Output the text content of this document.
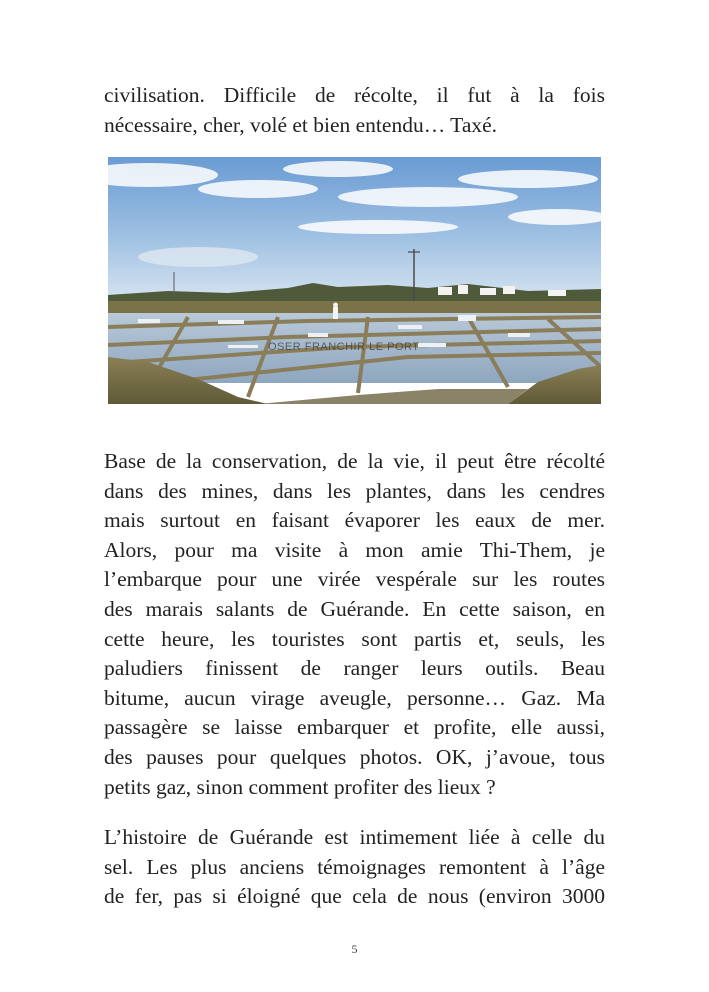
civilisation. Difficile de récolte, il fut à la fois
nécessaire, cher, volé et bien entendu… Taxé.

OSER FRANCHIR LE PORT

Base de la conservation, de la vie, il peut être récolté
dans des mines, dans les plantes, dans les cendres
mais surtout en faisant évaporer les eaux de mer.
Alors, pour ma visite à mon amie Thi-Them, je
l’embarque pour une virée vespérale sur les routes
des marais salants de Guérande. En cette saison, en
cette heure, les touristes sont partis et, seuls, les
paludiers finissent de ranger leurs outils. Beau
bitume, aucun virage aveugle, personne… Gaz. Ma
passagère se laisse embarquer et profite, elle aussi,
des pauses pour quelques photos. OK, j’avoue, tous
petits gaz, sinon comment profiter des lieux ?

L’histoire de Guérande est intimement liée à celle du
sel. Les plus anciens témoignages remontent à l’âge
de fer, pas si éloigné que cela de nous (environ 3000

5
